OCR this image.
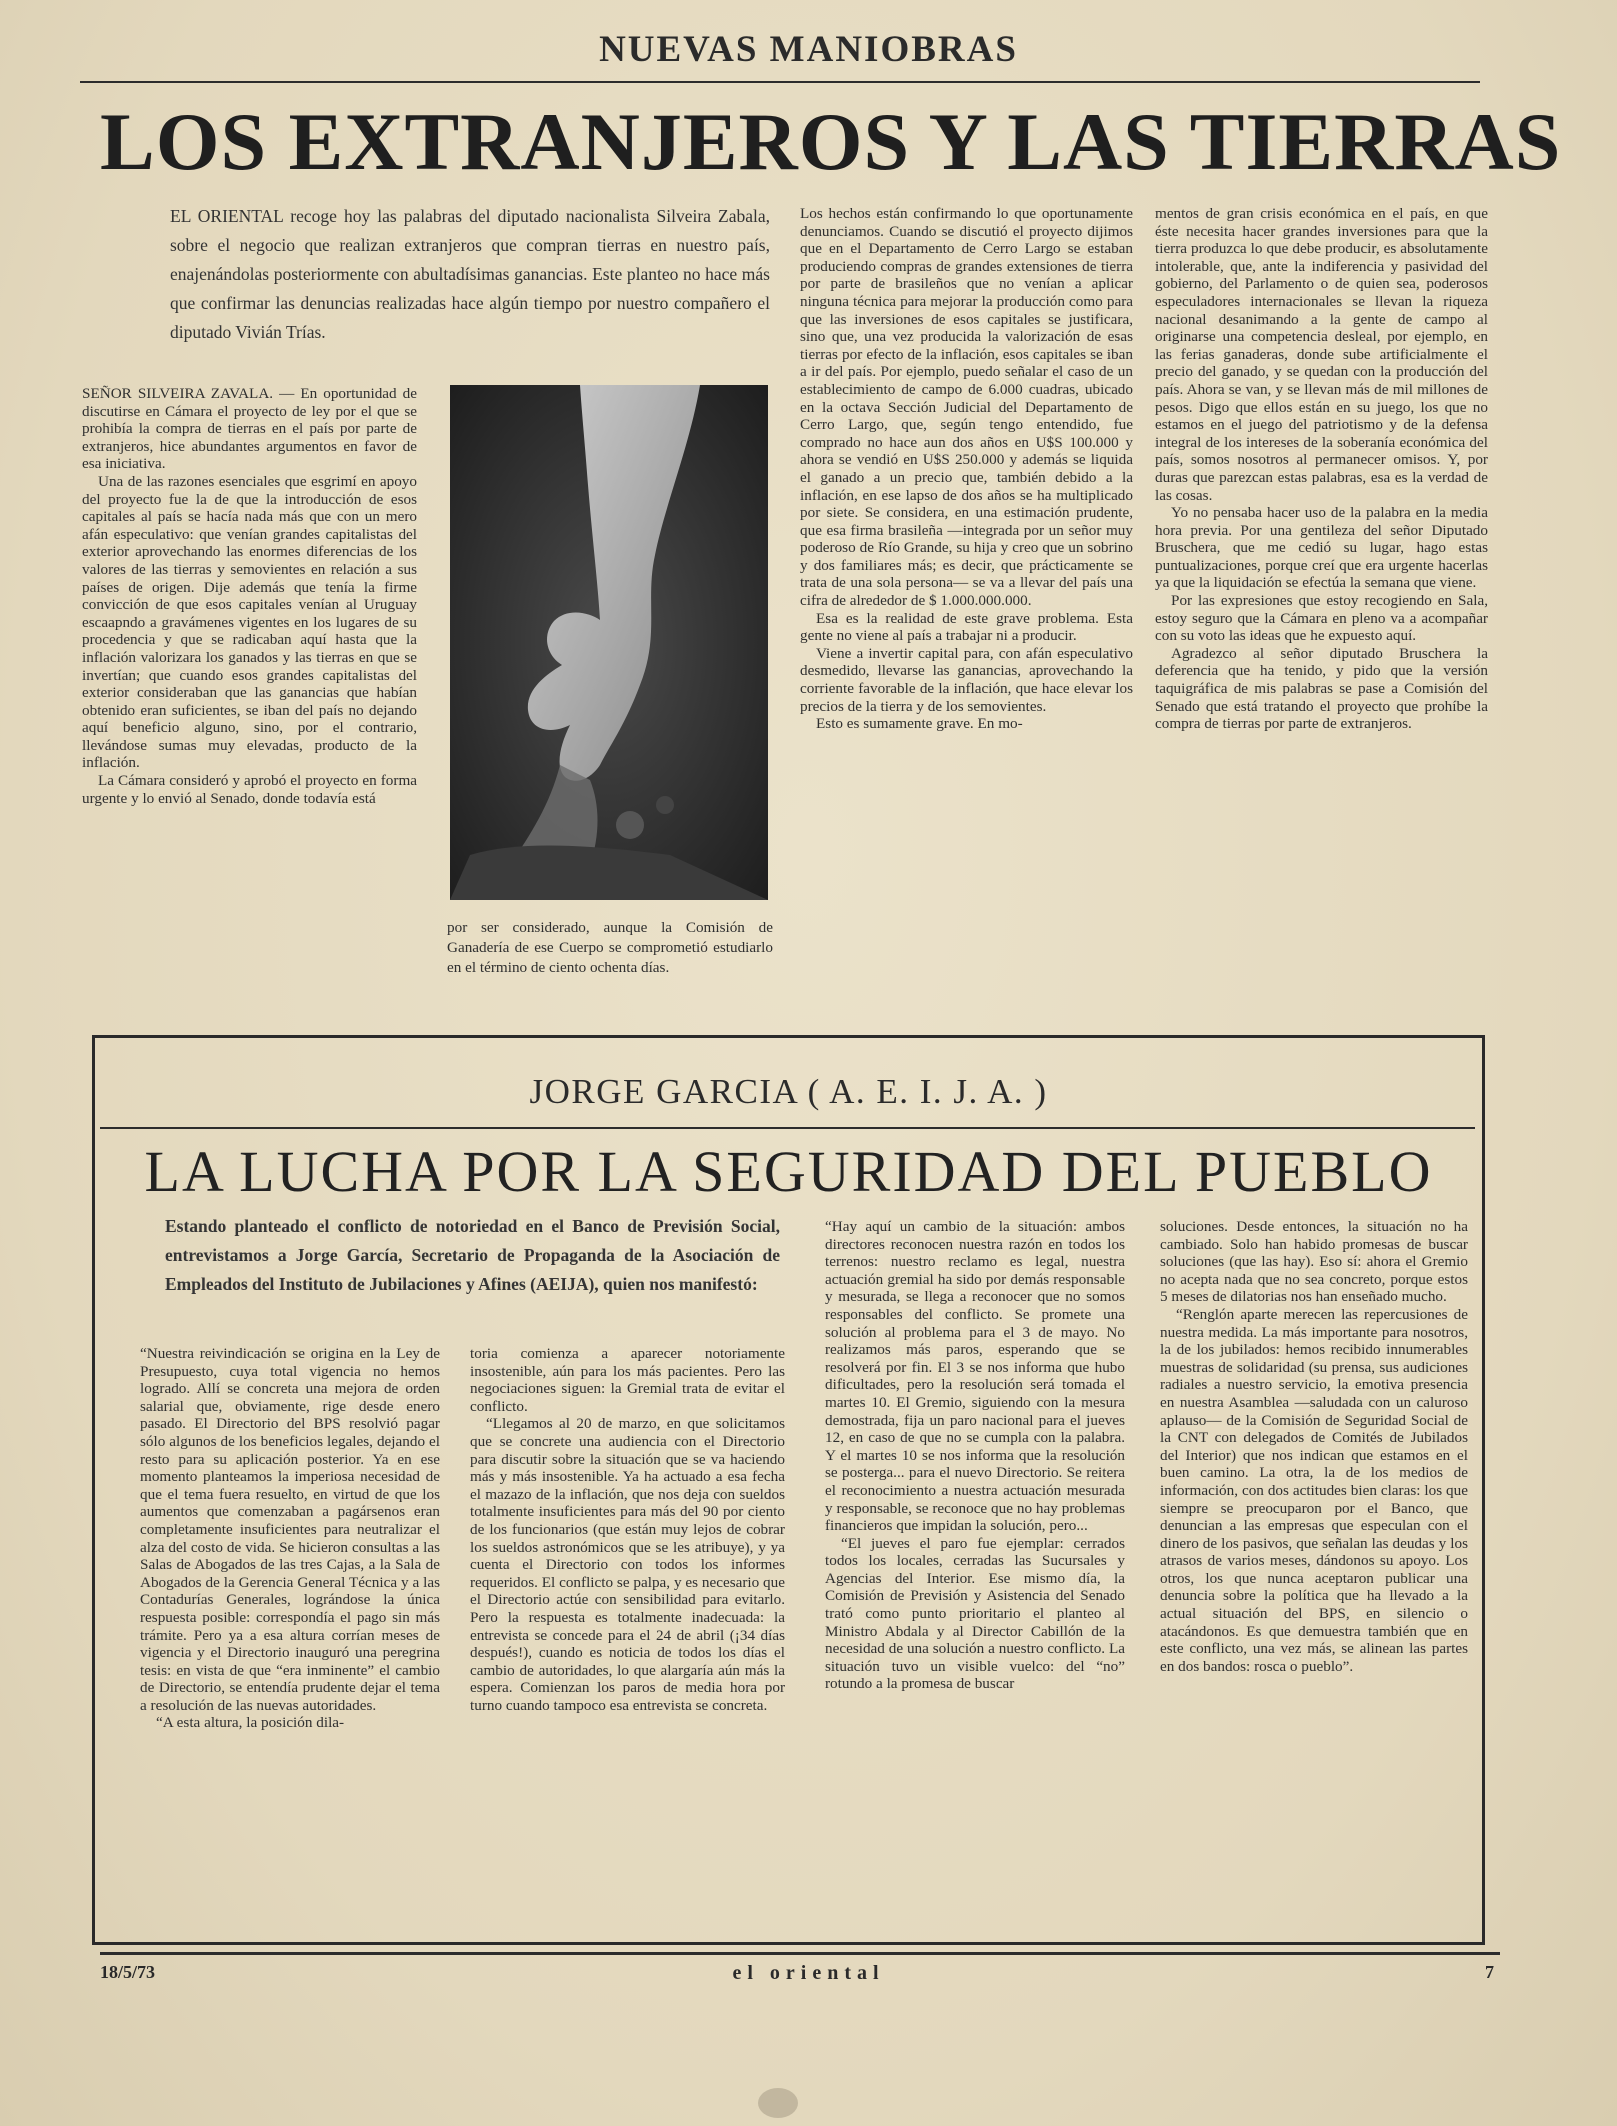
NUEVAS MANIOBRAS
LOS EXTRANJEROS Y LAS TIERRAS
EL ORIENTAL recoge hoy las palabras del diputado nacionalista Silveira Zabala, sobre el negocio que realizan extranjeros que compran tierras en nuestro país, enajenándolas posteriormente con abultadísimas ganancias. Este planteo no hace más que confirmar las denuncias realizadas hace algún tiempo por nuestro compañero el diputado Vivián Trías.

SEÑOR SILVEIRA ZAVALA. — En oportunidad de discutirse en Cámara el proyecto de ley por el que se prohibía la compra de tierras en el país por parte de extranjeros, hice abundantes argumentos en favor de esa iniciativa.

Una de las razones esenciales que esgrimí en apoyo del proyecto fue la de que la introducción de esos capitales al país se hacía nada más que con un mero afán especulativo: que venían grandes capitalistas del exterior aprovechando las enormes diferencias de los valores de las tierras y semovientes en relación a sus países de origen. Dije además que tenía la firme convicción de que esos capitales venían al Uruguay escaapndo a gravámenes vigentes en los lugares de su procedencia y que se radicaban aquí hasta que la inflación valorizara los ganados y las tierras en que se invertían; que cuando esos grandes capitalistas del exterior consideraban que las ganancias que habían obtenido eran suficientes, se iban del país no dejando aquí beneficio alguno, sino, por el contrario, llevándose sumas muy elevadas, producto de la inflación.

La Cámara consideró y aprobó el proyecto en forma urgente y lo envió al Senado, donde todavía está

por ser considerado, aunque la Comisión de Ganadería de ese Cuerpo se comprometió estudiarlo en el término de ciento ochenta días.

Los hechos están confirmando lo que oportunamente denunciamos. Cuando se discutió el proyecto dijimos que en el Departamento de Cerro Largo se estaban produciendo compras de grandes extensiones de tierra por parte de brasileños que no venían a aplicar ninguna técnica para mejorar la producción como para que las inversiones de esos capitales se justificara, sino que, una vez producida la valorización de esas tierras por efecto de la inflación, esos capitales se iban a ir del país. Por ejemplo, puedo señalar el caso de un establecimiento de campo de 6.000 cuadras, ubicado en la octava Sección Judicial del Departamento de Cerro Largo, que, según tengo entendido, fue comprado no hace aun dos años en U$S 100.000 y ahora se vendió en U$S 250.000 y además se liquida el ganado a un precio que, también debido a la inflación, en ese lapso de dos años se ha multiplicado por siete. Se considera, en una estimación prudente, que esa firma brasileña —integrada por un señor muy poderoso de Río Grande, su hija y creo que un sobrino y dos familiares más; es decir, que prácticamente se trata de una sola persona— se va a llevar del país una cifra de alrededor de $ 1.000.000.000.

Esa es la realidad de este grave problema. Esta gente no viene al país a trabajar ni a producir.

Viene a invertir capital para, con afán especulativo desmedido, llevarse las ganancias, aprovechando la corriente favorable de la inflación, que hace elevar los precios de la tierra y de los semovientes.

Esto es sumamente grave. En mo-

mentos de gran crisis económica en el país, en que éste necesita hacer grandes inversiones para que la tierra produzca lo que debe producir, es absolutamente intolerable, que, ante la indiferencia y pasividad del gobierno, del Parlamento o de quien sea, poderosos especuladores internacionales se llevan la riqueza nacional desanimando a la gente de campo al originarse una competencia desleal, por ejemplo, en las ferias ganaderas, donde sube artificialmente el precio del ganado, y se quedan con la producción del país. Ahora se van, y se llevan más de mil millones de pesos. Digo que ellos están en su juego, los que no estamos en el juego del patriotismo y de la defensa integral de los intereses de la soberanía económica del país, somos nosotros al permanecer omisos. Y, por duras que parezcan estas palabras, esa es la verdad de las cosas.

Yo no pensaba hacer uso de la palabra en la media hora previa. Por una gentileza del señor Diputado Bruschera, que me cedió su lugar, hago estas puntualizaciones, porque creí que era urgente hacerlas ya que la liquidación se efectúa la semana que viene.

Por las expresiones que estoy recogiendo en Sala, estoy seguro que la Cámara en pleno va a acompañar con su voto las ideas que he expuesto aquí.

Agradezco al señor diputado Bruschera la deferencia que ha tenido, y pido que la versión taquigráfica de mis palabras se pase a Comisión del Senado que está tratando el proyecto que prohíbe la compra de tierras por parte de extranjeros.

JORGE GARCIA ( A. E. I. J. A. )
LA LUCHA POR LA SEGURIDAD DEL PUEBLO
Estando planteado el conflicto de notoriedad en el Banco de Previsión Social, entrevistamos a Jorge García, Secretario de Propaganda de la Asociación de Empleados del Instituto de Jubilaciones y Afines (AEIJA), quien nos manifestó:

“Nuestra reivindicación se origina en la Ley de Presupuesto, cuya total vigencia no hemos logrado. Allí se concreta una mejora de orden salarial que, obviamente, rige desde enero pasado. El Directorio del BPS resolvió pagar sólo algunos de los beneficios legales, dejando el resto para su aplicación posterior. Ya en ese momento planteamos la imperiosa necesidad de que el tema fuera resuelto, en virtud de que los aumentos que comenzaban a pagársenos eran completamente insuficientes para neutralizar el alza del costo de vida. Se hicieron consultas a las Salas de Abogados de las tres Cajas, a la Sala de Abogados de la Gerencia General Técnica y a las Contadurías Generales, lográndose la única respuesta posible: correspondía el pago sin más trámite. Pero ya a esa altura corrían meses de vigencia y el Directorio inauguró una peregrina tesis: en vista de que “era inminente” el cambio de Directorio, se entendía prudente dejar el tema a resolución de las nuevas autoridades.

“A esta altura, la posición dila-

toria comienza a aparecer notoriamente insostenible, aún para los más pacientes. Pero las negociaciones siguen: la Gremial trata de evitar el conflicto.

“Llegamos al 20 de marzo, en que solicitamos que se concrete una audiencia con el Directorio para discutir sobre la situación que se va haciendo más y más insostenible. Ya ha actuado a esa fecha el mazazo de la inflación, que nos deja con sueldos totalmente insuficientes para más del 90 por ciento de los funcionarios (que están muy lejos de cobrar los sueldos astronómicos que se les atribuye), y ya cuenta el Directorio con todos los informes requeridos. El conflicto se palpa, y es necesario que el Directorio actúe con sensibilidad para evitarlo. Pero la respuesta es totalmente inadecuada: la entrevista se concede para el 24 de abril (¡34 días después!), cuando es noticia de todos los días el cambio de autoridades, lo que alargaría aún más la espera. Comienzan los paros de media hora por turno cuando tampoco esa entrevista se concreta.

“Hay aquí un cambio de la situación: ambos directores reconocen nuestra razón en todos los terrenos: nuestro reclamo es legal, nuestra actuación gremial ha sido por demás responsable y mesurada, se llega a reconocer que no somos responsables del conflicto. Se promete una solución al problema para el 3 de mayo. No realizamos más paros, esperando que se resolverá por fin. El 3 se nos informa que hubo dificultades, pero la resolución será tomada el martes 10. El Gremio, siguiendo con la mesura demostrada, fija un paro nacional para el jueves 12, en caso de que no se cumpla con la palabra. Y el martes 10 se nos informa que la resolución se posterga... para el nuevo Directorio. Se reitera el reconocimiento a nuestra actuación mesurada y responsable, se reconoce que no hay problemas financieros que impidan la solución, pero...

“El jueves el paro fue ejemplar: cerrados todos los locales, cerradas las Sucursales y Agencias del Interior. Ese mismo día, la Comisión de Previsión y Asistencia del Senado trató como punto prioritario el planteo al Ministro Abdala y al Director Cabillón de la necesidad de una solución a nuestro conflicto. La situación tuvo un visible vuelco: del “no” rotundo a la promesa de buscar

soluciones. Desde entonces, la situación no ha cambiado. Solo han habido promesas de buscar soluciones (que las hay). Eso sí: ahora el Gremio no acepta nada que no sea concreto, porque estos 5 meses de dilatorias nos han enseñado mucho.

“Renglón aparte merecen las repercusiones de nuestra medida. La más importante para nosotros, la de los jubilados: hemos recibido innumerables muestras de solidaridad (su prensa, sus audiciones radiales a nuestro servicio, la emotiva presencia en nuestra Asamblea —saludada con un caluroso aplauso— de la Comisión de Seguridad Social de la CNT con delegados de Comités de Jubilados del Interior) que nos indican que estamos en el buen camino. La otra, la de los medios de información, con dos actitudes bien claras: los que siempre se preocuparon por el Banco, que denuncian a las empresas que especulan con el dinero de los pasivos, que señalan las deudas y los atrasos de varios meses, dándonos su apoyo. Los otros, los que nunca aceptaron publicar una denuncia sobre la política que ha llevado a la actual situación del BPS, en silencio o atacándonos. Es que demuestra también que en este conflicto, una vez más, se alinean las partes en dos bandos: rosca o pueblo”.

18/5/73	el oriental	7
